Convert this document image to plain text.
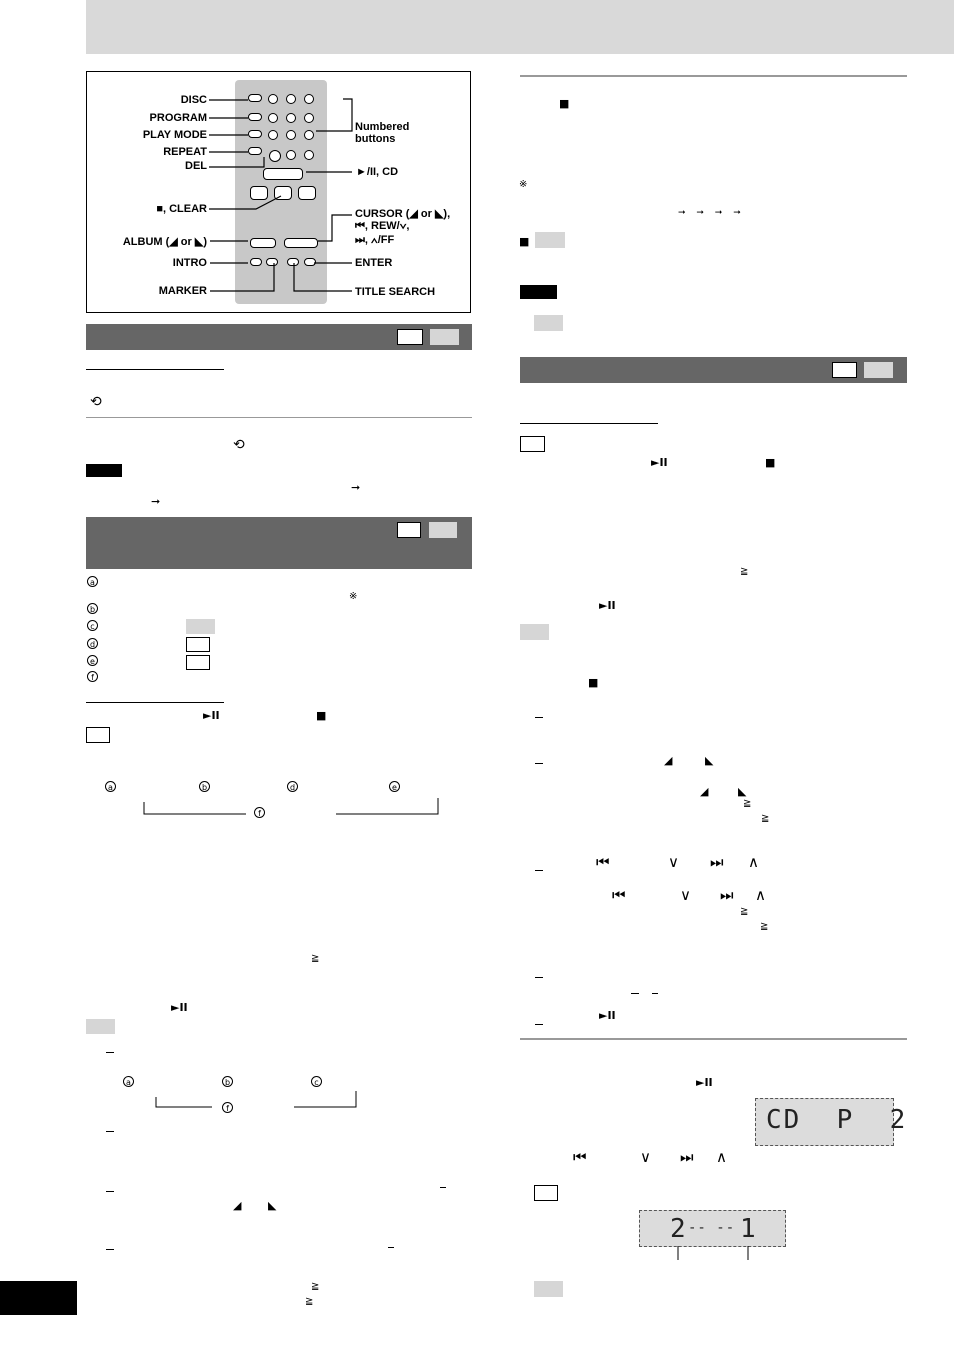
DISC
PROGRAM
PLAY MODE
REPEAT
DEL
■, CLEAR
ALBUM (◢ or ◣)
INTRO
MARKER
Numbered
buttons
►/II, CD
CURSOR (◢ or ◣),
⏮, REW/∨,
⏭, ∧/FF
ENTER
TITLE SEARCH
⟲
⟲
➞
➞
a
※
b
c
d
e
f
►II	■
a	b	d	e
f
≧
►II
a	b	c
f
◢ ◣
≧
≧
■
※
➞ ➞ ➞ ➞
■
►II	■
≧
►II
■
◢	◣
◢	◣
≧
≧
⏮	∨ ⏭ ∧
⏮	∨ ⏭ ∧
≧
≧
►II
►II
CD  P  2
⏮	∨ ⏭ ∧
2 -- -- 1
